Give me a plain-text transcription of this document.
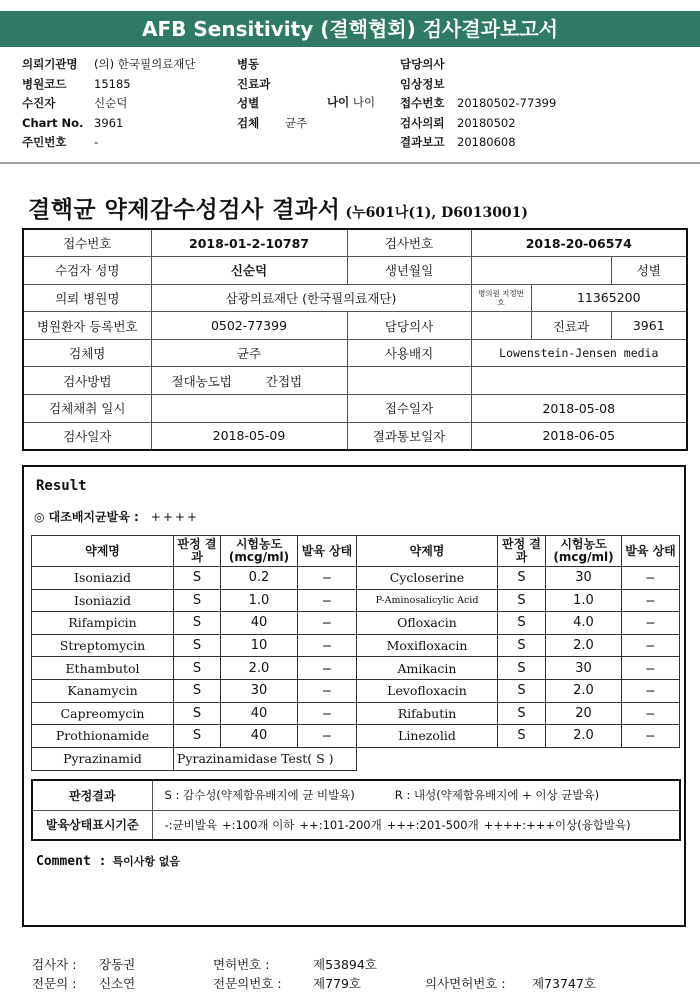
AFB Sensitivity (결핵협회) 검사결과보고서
의뢰기관명 (의) 한국필의료재단
병원코드 15185
수진자	신순덕
Chart No. 3961
주민번호 -
병동
진료과
성별
검체 균주
나이 나이
담당의사
임상정보
접수번호 20180502-77399
검사의뢰 20180502
결과보고 20180608
결핵균 약제감수성검사 결과서 (누601나(1), D6013001)
접수번호	2018-01-2-10787	검사번호	2018-20-06574		
수검자 성명	신순덕	생년월일			성별
의뢰 병원명	삼광의료재단 (한국필의료재단)		병의원 지정번호	11365200	
병원환자 등록번호	0502-77399	담당의사		진료과	3961
검체명	균주	사용배지	Lowenstein-Jensen media		
검사방법	절대농도법 간접법				
검체채취 일시		접수일자	2018-05-08		
검사일자	2018-05-09	결과통보일자	2018-06-05		
Result
◎ 대조배지균발육 : ++++
약제명	판정 결과	시험농도 (mcg/ml)	발육 상태	약제명	판정 결과	시험농도 (mcg/ml)	발육 상태
Isoniazid	S	0.2	−	Cycloserine	S	30	−
Isoniazid	S	1.0	−	P-Aminosalicylic Acid	S	1.0	−
Rifampicin	S	40	−	Ofloxacin	S	4.0	−
Streptomycin	S	10	−	Moxifloxacin	S	2.0	−
Ethambutol	S	2.0	−	Amikacin	S	30	−
Kanamycin	S	30	−	Levofloxacin	S	2.0	−
Capreomycin	S	40	−	Rifabutin	S	20	−
Prothionamide	S	40	−	Linezolid	S	2.0	−
Pyrazinamid	Pyrazinamidase Test( S )						
판정결과	S : 감수성(약제함유배지에 균 비발육) R : 내성(약제함유배지에 + 이상 균발육)
발육상태표시기준	-:균비발육 +:100개 이하 ++:101-200개 +++:201-500개 ++++:+++이상(융합발육)
Comment : 특이사항 없음
검사자 : 장동권	면허번호 :	제53894호
전문의 : 신소연	전문의번호 :	제779호	의사면허번호 : 제73747호
